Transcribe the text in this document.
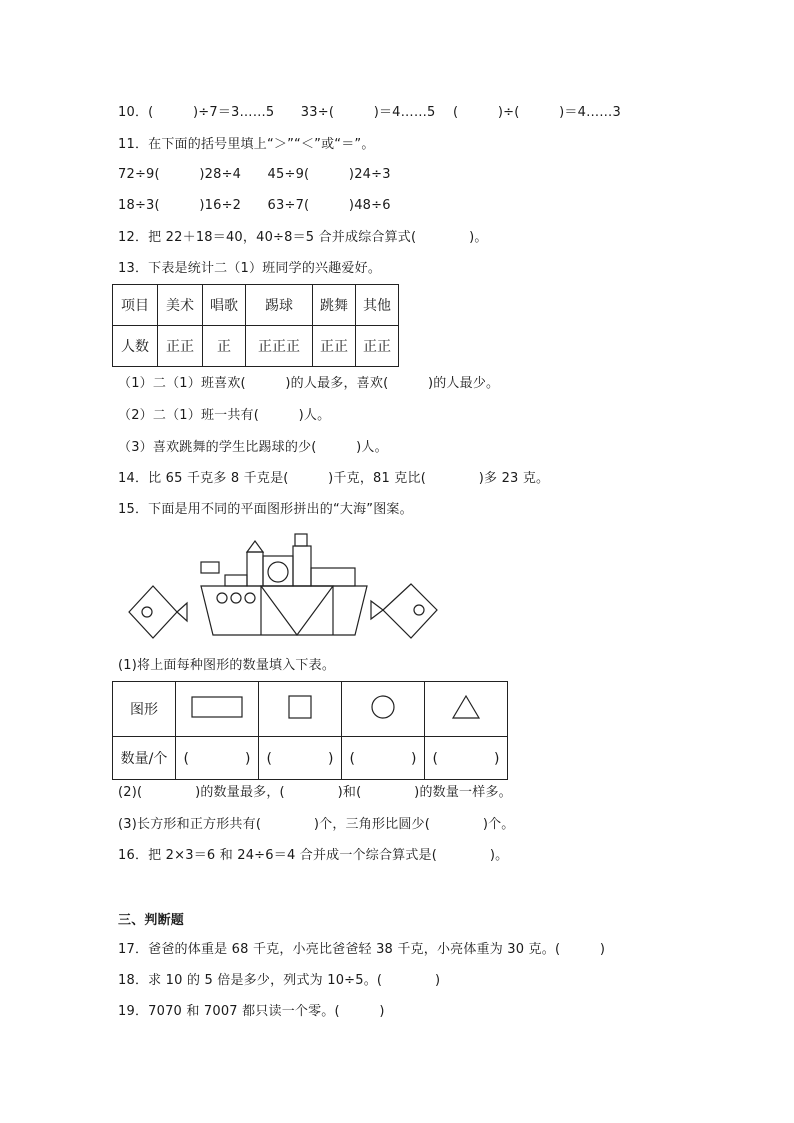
10．(　　　)÷7＝3……5　　33÷(　　　)＝4……5　 (　　　)÷(　　　)＝4……3
11．在下面的括号里填上“＞”“＜”或“＝”。
72÷9(　　　)28÷4　　45÷9(　　　)24÷3
18÷3(　　　)16÷2　　63÷7(　　　)48÷6
12．把 22＋18＝40，40÷8＝5 合并成综合算式(　　　　)。
13．下表是统计二（1）班同学的兴趣爱好。
项目	美术	唱歌	踢球	跳舞	其他
人数	正正	正	正正正	正正	正正
（1）二（1）班喜欢(　　　)的人最多，喜欢(　　　)的人最少。
（2）二（1）班一共有(　　　)人。
（3）喜欢跳舞的学生比踢球的少(　　　)人。
14．比 65 千克多 8 千克是(　　　)千克，81 克比(　　　　)多 23 克。
15．下面是用不同的平面图形拼出的“大海”图案。
(1)将上面每种图形的数量填入下表。
图形				
数量/个	(　　　　)	(　　　　)	(　　　　)	(　　　　)
(2)(　　　　)的数量最多，(　　　　)和(　　　　)的数量一样多。
(3)长方形和正方形共有(　　　　)个，三角形比圆少(　　　　)个。
16．把 2×3＝6 和 24÷6＝4 合并成一个综合算式是(　　　　)。
三、判断题
17．爸爸的体重是 68 千克，小亮比爸爸轻 38 千克，小亮体重为 30 克。(　　　)
18．求 10 的 5 倍是多少，列式为 10÷5。(　　　　)
19．7070 和 7007 都只读一个零。(　　　)
